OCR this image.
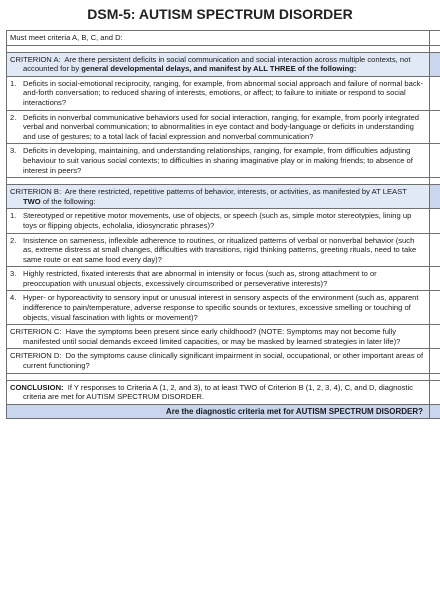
DSM-5: AUTISM SPECTRUM DISORDER
Must meet criteria A, B, C, and D:	

CRITERION A: Are there persistent deficits in social communication and social interaction across multiple contexts, not accounted for by general developmental delays, and manifest by ALL THREE of the following:	

1. Deficits in social-emotional reciprocity, ranging, for example, from abnormal social approach and failure of normal back-and-forth conversation; to reduced sharing of interests, emotions, or affect; to failure to initiate or respond to social interactions?	

2. Deficits in nonverbal communicative behaviors used for social interaction, ranging, for example, from poorly integrated verbal and nonverbal communication; to abnormalities in eye contact and body-language or deficits in understanding and use of gestures; to a total lack of facial expression and nonverbal communication?	

3. Deficits in developing, maintaining, and understanding relationships, ranging, for example, from difficulties adjusting behaviour to suit various social contexts; to difficulties in sharing imaginative play or in making friends; to absence of interest in peers?	

CRITERION B: Are there restricted, repetitive patterns of behavior, interests, or activities, as manifested by AT LEAST TWO of the following:	

1. Stereotyped or repetitive motor movements, use of objects, or speech (such as, simple motor stereotypies, lining up toys or flipping objects, echolalia, idiosyncratic phrases)?	

2. Insistence on sameness, inflexible adherence to routines, or ritualized patterns of verbal or nonverbal behavior (such as, extreme distress at small changes, difficulties with transitions, rigid thinking patterns, greeting rituals, need to take same route or eat same food every day)?	

3. Highly restricted, fixated interests that are abnormal in intensity or focus (such as, strong attachment to or preoccupation with unusual objects, excessively circumscribed or perseverative interests)?	

4. Hyper- or hyporeactivity to sensory input or unusual interest in sensory aspects of the environment (such as, apparent indifference to pain/temperature, adverse response to specific sounds or textures, excessive smelling or touching of objects, visual fascination with lights or movement)?	

CRITERION C: Have the symptoms been present since early childhood? (NOTE: Symptoms may not become fully manifested until social demands exceed limited capacities, or may be masked by learned strategies in later life)?	

CRITERION D: Do the symptoms cause clinically significant impairment in social, occupational, or other important areas of current functioning?	

CONCLUSION: If Y responses to Criteria A (1, 2, and 3), to at least TWO of Criterion B (1, 2, 3, 4), C, and D, diagnostic criteria are met for AUTISM SPECTRUM DISORDER.	

Are the diagnostic criteria met for AUTISM SPECTRUM DISORDER?	
